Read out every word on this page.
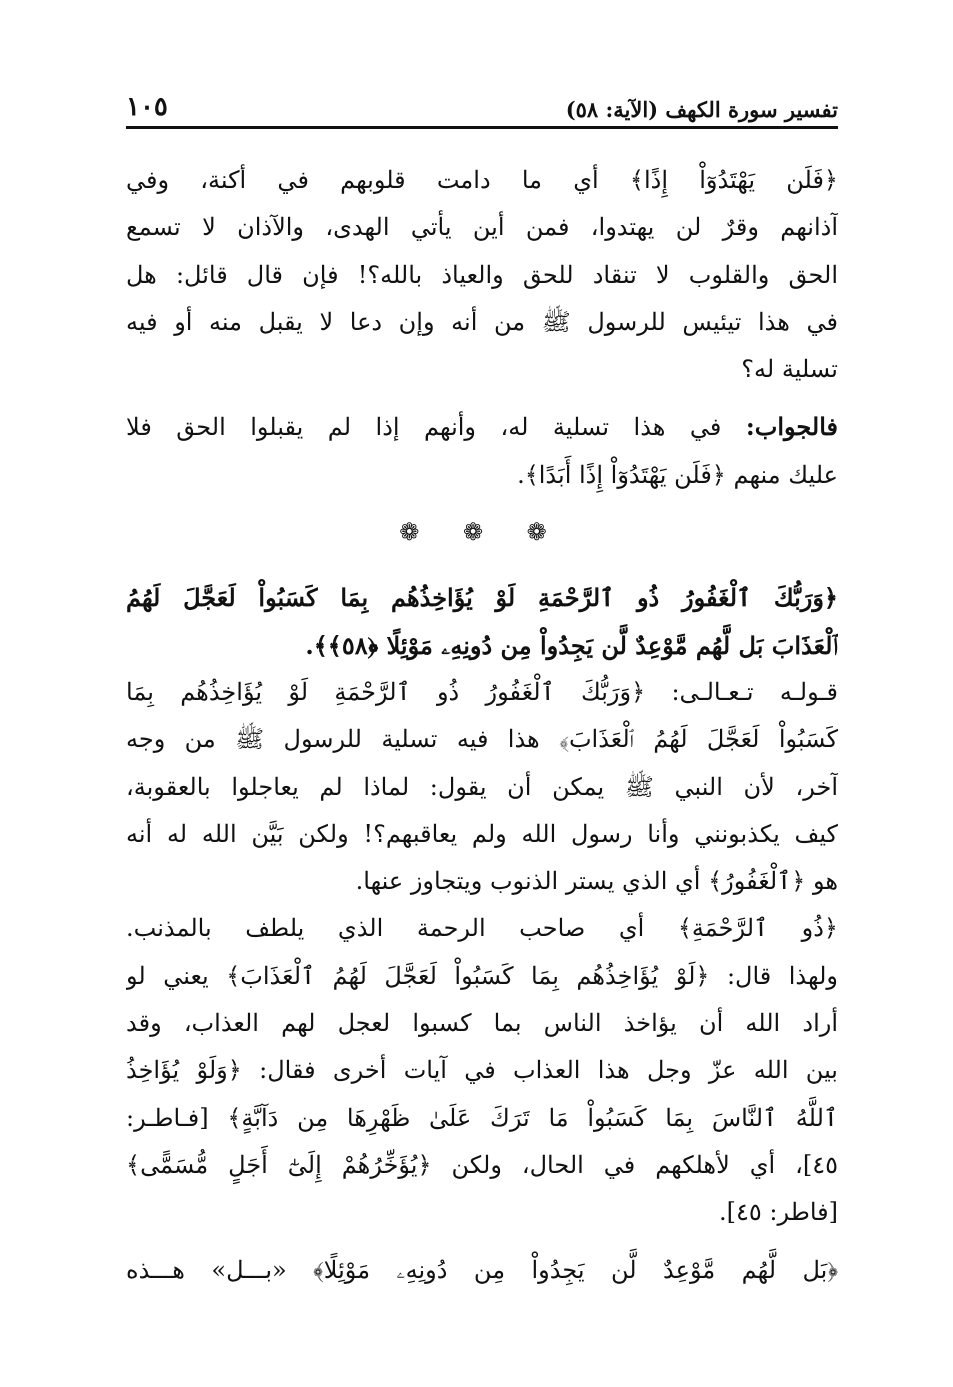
تفسير سورة الكهف (الآية: ٥٨)
١٠٥
﴿فَلَن يَهْتَدُوٓاْ إِذًا﴾ أي ما دامت قلوبهم في أكنة، وفي
آذانهم وقرٌ لن يهتدوا، فمن أين يأتي الهدى، والآذان لا تسمع
الحق والقلوب لا تنقاد للحق والعياذ بالله؟! فإن قال قائل: هل
في هذا تيئيس للرسول ﷺ من أنه وإن دعا لا يقبل منه أو فيه
تسلية له؟
فالجواب: في هذا تسلية له، وأنهم إذا لم يقبلوا الحق فلا
عليك منهم ﴿فَلَن يَهْتَدُوٓاْ إِذًا أَبَدًا﴾.
❁ ❁ ❁
﴿وَرَبُّكَ ٱلْغَفُورُ ذُو ٱلرَّحْمَةِ لَوْ يُؤَاخِذُهُم بِمَا كَسَبُواْ لَعَجَّلَ لَهُمُ
ٱلْعَذَابَ بَل لَّهُم مَّوْعِدٌ لَّن يَجِدُواْ مِن دُونِهِۦ مَوْئِلًا ﴿٥٨﴾﴾.
قـولـه تـعـالـى: ﴿وَرَبُّكَ ٱلْغَفُورُ ذُو ٱلرَّحْمَةِ لَوْ يُؤَاخِذُهُم بِمَا
كَسَبُواْ لَعَجَّلَ لَهُمُ ٱلْعَذَابَ﴾ هذا فيه تسلية للرسول ﷺ من وجه
آخر، لأن النبي ﷺ يمكن أن يقول: لماذا لم يعاجلوا بالعقوبة،
كيف يكذبونني وأنا رسول الله ولم يعاقبهم؟! ولكن بَيَّن الله له أنه
هو ﴿ٱلْغَفُورُ﴾ أي الذي يستر الذنوب ويتجاوز عنها.
﴿ذُو ٱلرَّحْمَةِ﴾ أي صاحب الرحمة الذي يلطف بالمذنب.
ولهذا قال: ﴿لَوْ يُؤَاخِذُهُم بِمَا كَسَبُواْ لَعَجَّلَ لَهُمُ ٱلْعَذَابَ﴾ يعني لو
أراد الله أن يؤاخذ الناس بما كسبوا لعجل لهم العذاب، وقد
بين الله عزّ وجل هذا العذاب في آيات أخرى فقال: ﴿وَلَوْ يُؤَاخِذُ
ٱللَّهُ ٱلنَّاسَ بِمَا كَسَبُواْ مَا تَرَكَ عَلَىٰ ظَهْرِهَا مِن دَآبَّةٍ﴾ [فـاطـر:
٤٥]، أي لأهلكهم في الحال، ولكن ﴿يُؤَخِّرُهُمْ إِلَىٰٓ أَجَلٍ مُّسَمًّى﴾
[فاطر: ٤٥].
﴿بَل لَّهُم مَّوْعِدٌ لَّن يَجِدُواْ مِن دُونِهِۦ مَوْئِلًا﴾ «بـــل» هـــذه
